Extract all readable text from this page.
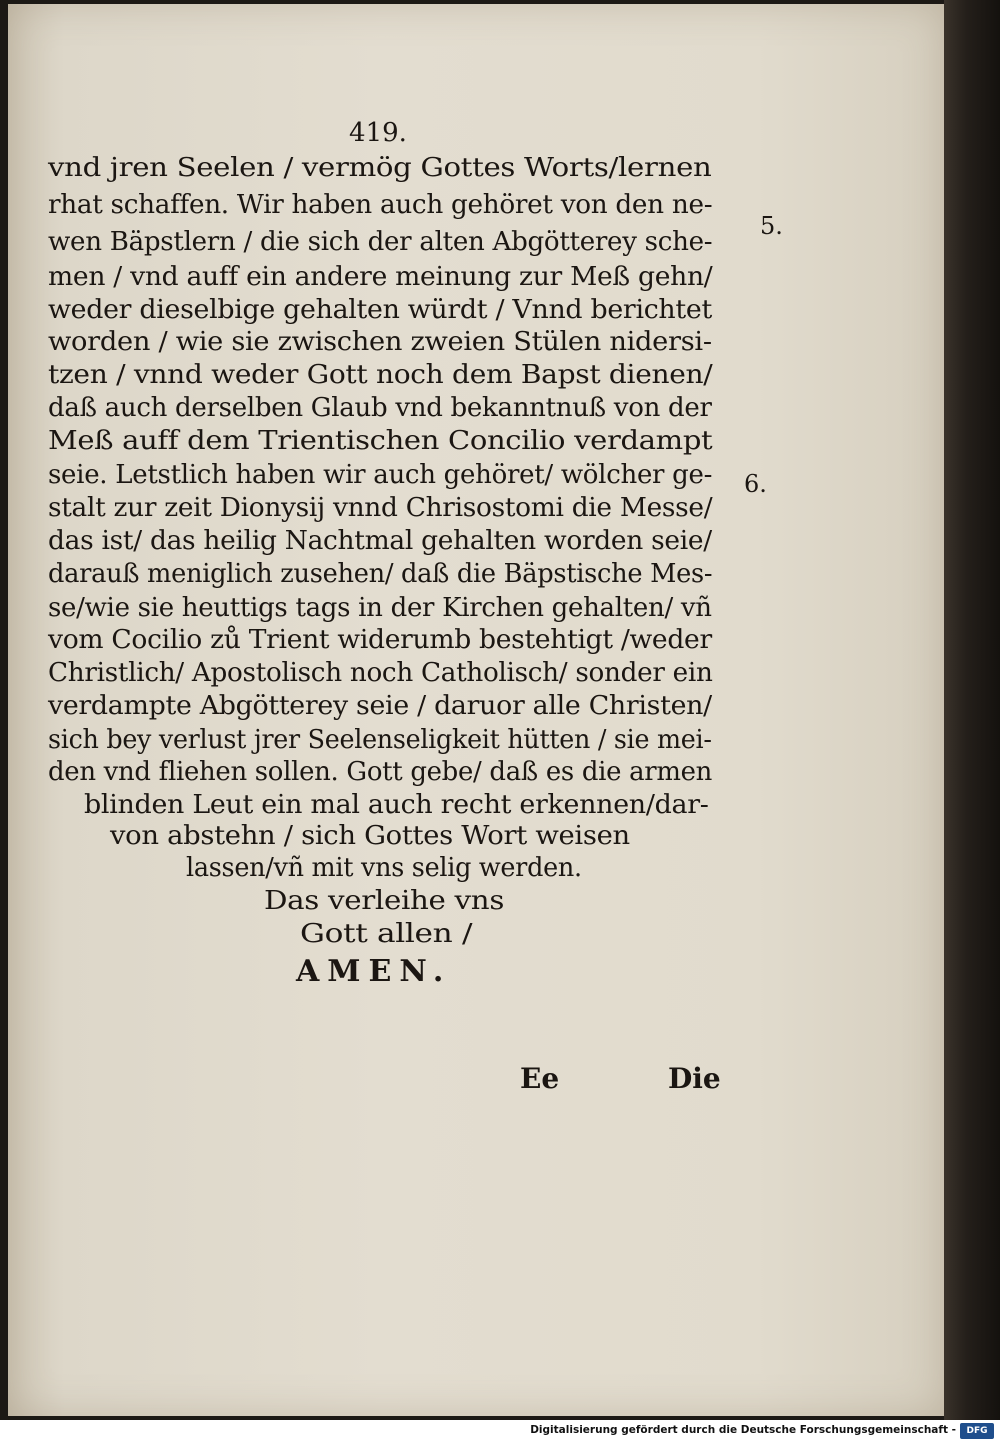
419.
vnd jren Seelen / vermög Gottes Worts/lernen
rhat schaffen. Wir haben auch gehöret von den ne-
wen Bäpstlern / die sich der alten Abgötterey sche-
men / vnd auff ein andere meinung zur Meß gehn/
weder dieselbige gehalten würdt / Vnnd berichtet
worden / wie sie zwischen zweien Stülen nidersi-
tzen / vnnd weder Gott noch dem Bapst dienen/
daß auch derselben Glaub vnd bekanntnuß von der
Meß auff dem Trientischen Concilio verdampt
seie. Letstlich haben wir auch gehöret/ wölcher ge-
stalt zur zeit Dionysij vnnd Chrisostomi die Messe/
das ist/ das heilig Nachtmal gehalten worden seie/
darauß meniglich zusehen/ daß die Bäpstische Mes-
se/wie sie heuttigs tags in der Kirchen gehalten/ vñ
vom Cocilio zů Trient widerumb bestehtigt /weder
Christlich/ Apostolisch noch Catholisch/ sonder ein
verdampte Abgötterey seie / daruor alle Christen/
sich bey verlust jrer Seelenseligkeit hütten / sie mei-
den vnd fliehen sollen. Gott gebe/ daß es die armen
blinden Leut ein mal auch recht erkennen/dar-
von abstehn / sich Gottes Wort weisen
lassen/vñ mit vns selig werden.
Das verleihe vns
Gott allen /
5.
6.
AMEN.
Ee	Die
Digitalisierung gefördert durch die Deutsche Forschungsgemeinschaft -	DFG
